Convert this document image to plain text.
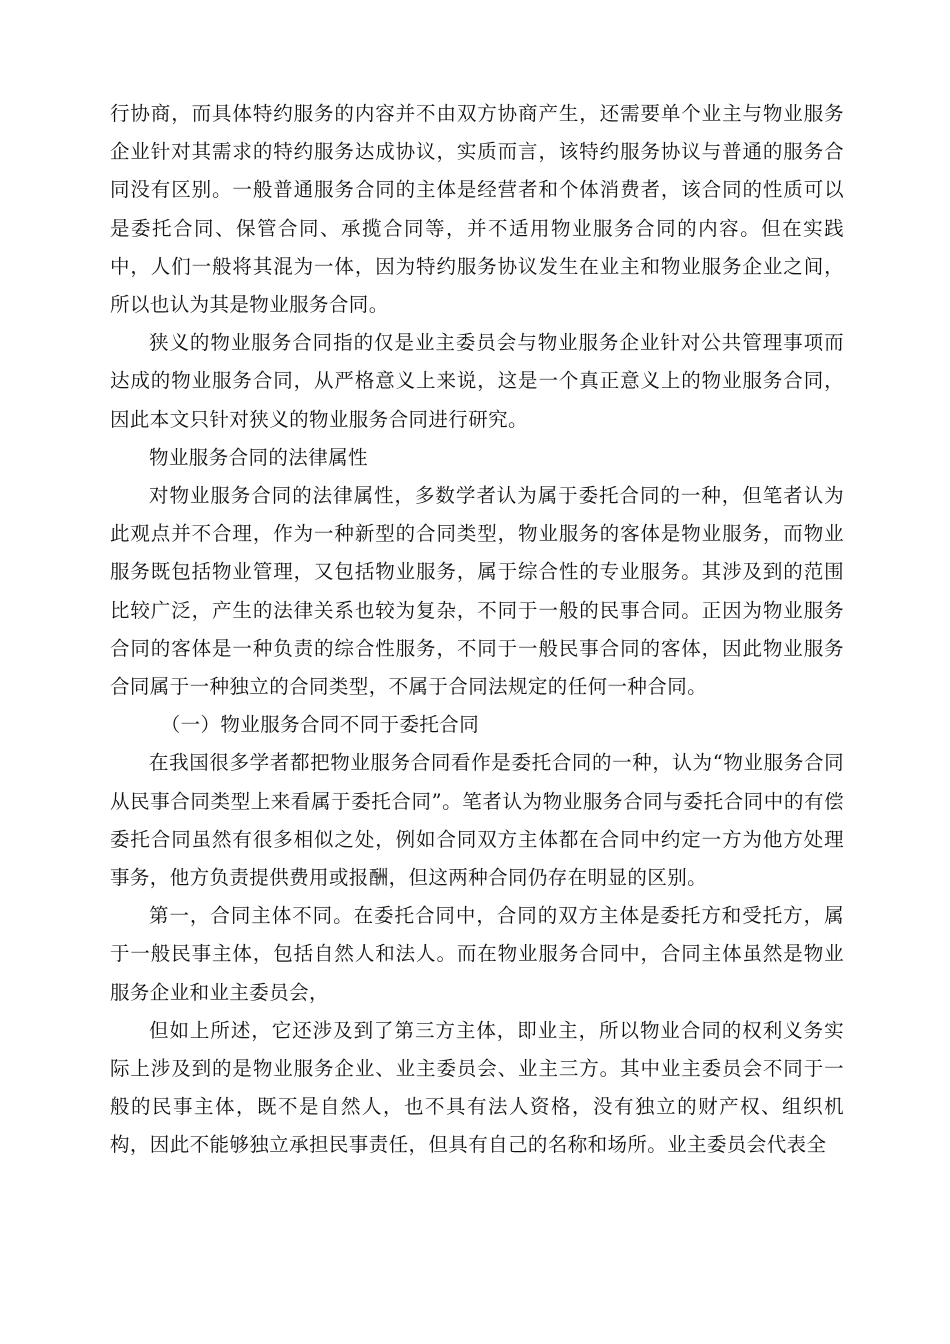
行协商，而具体特约服务的内容并不由双方协商产生，还需要单个业主与物业服务企业针对其需求的特约服务达成协议，实质而言，该特约服务协议与普通的服务合同没有区别。一般普通服务合同的主体是经营者和个体消费者，该合同的性质可以是委托合同、保管合同、承揽合同等，并不适用物业服务合同的内容。但在实践中，人们一般将其混为一体，因为特约服务协议发生在业主和物业服务企业之间，所以也认为其是物业服务合同。

狭义的物业服务合同指的仅是业主委员会与物业服务企业针对公共管理事项而达成的物业服务合同，从严格意义上来说，这是一个真正意义上的物业服务合同，因此本文只针对狭义的物业服务合同进行研究。

物业服务合同的法律属性

对物业服务合同的法律属性，多数学者认为属于委托合同的一种，但笔者认为此观点并不合理，作为一种新型的合同类型，物业服务的客体是物业服务，而物业服务既包括物业管理，又包括物业服务，属于综合性的专业服务。其涉及到的范围比较广泛，产生的法律关系也较为复杂，不同于一般的民事合同。正因为物业服务合同的客体是一种负责的综合性服务，不同于一般民事合同的客体，因此物业服务合同属于一种独立的合同类型，不属于合同法规定的任何一种合同。

（一）物业服务合同不同于委托合同

在我国很多学者都把物业服务合同看作是委托合同的一种，认为“物业服务合同从民事合同类型上来看属于委托合同”。笔者认为物业服务合同与委托合同中的有偿委托合同虽然有很多相似之处，例如合同双方主体都在合同中约定一方为他方处理事务，他方负责提供费用或报酬，但这两种合同仍存在明显的区别。

第一，合同主体不同。在委托合同中，合同的双方主体是委托方和受托方，属于一般民事主体，包括自然人和法人。而在物业服务合同中，合同主体虽然是物业服务企业和业主委员会，

但如上所述，它还涉及到了第三方主体，即业主，所以物业合同的权利义务实际上涉及到的是物业服务企业、业主委员会、业主三方。其中业主委员会不同于一般的民事主体，既不是自然人，也不具有法人资格，没有独立的财产权、组织机构，因此不能够独立承担民事责任，但具有自己的名称和场所。业主委员会代表全
